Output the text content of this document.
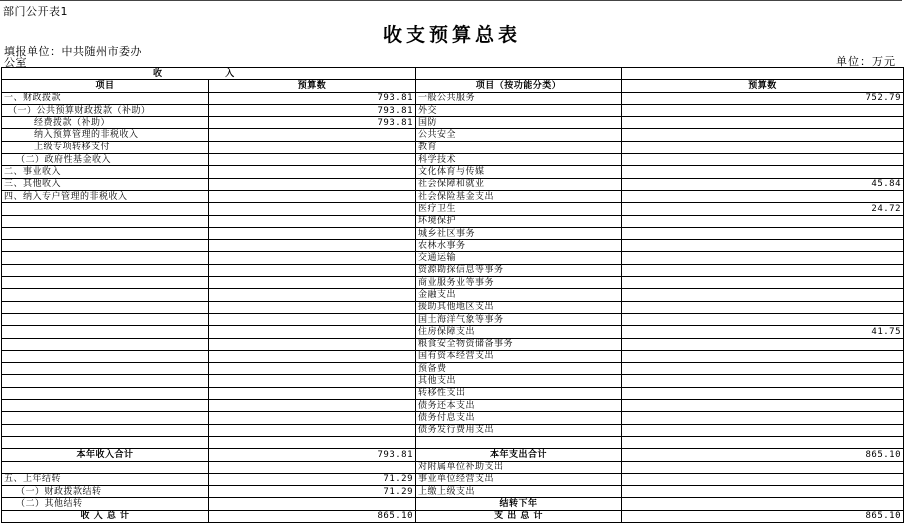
部门公开表1
收支预算总表
填报单位：中共随州市委办
公室	单位：万元
收 入			
项目	预算数	项目（按功能分类）	预算数
一、财政拨款	793.81	一般公共服务	752.79
（一）公共预算财政拨款（补助）	793.81	外交	
经费拨款（补助）	793.81	国防	
纳入预算管理的非税收入		公共安全	
上级专项转移支付		教育	
（二）政府性基金收入		科学技术	
二、事业收入		文化体育与传媒	
三、其他收入		社会保障和就业	45.84
四、纳入专户管理的非税收入		社会保险基金支出	
		医疗卫生	24.72
		环境保护	
		城乡社区事务	
		农林水事务	
		交通运输	
		资源勘探信息等事务	
		商业服务业等事务	
		金融支出	
		援助其他地区支出	
		国土海洋气象等事务	
		住房保障支出	41.75
		粮食安全物资储备事务	
		国有资本经营支出	
		预备费	
		其他支出	
		转移性支出	
		债务还本支出	
		债务付息支出	
		债务发行费用支出	

本年收入合计	793.81	本年支出合计	865.10
		对附属单位补助支出	
五、上年结转	71.29	事业单位经营支出	
（一）财政拨款结转	71.29	上缴上级支出	
（二）其他结转		结转下年	
收 入 总 计	865.10	支 出 总 计	865.10
